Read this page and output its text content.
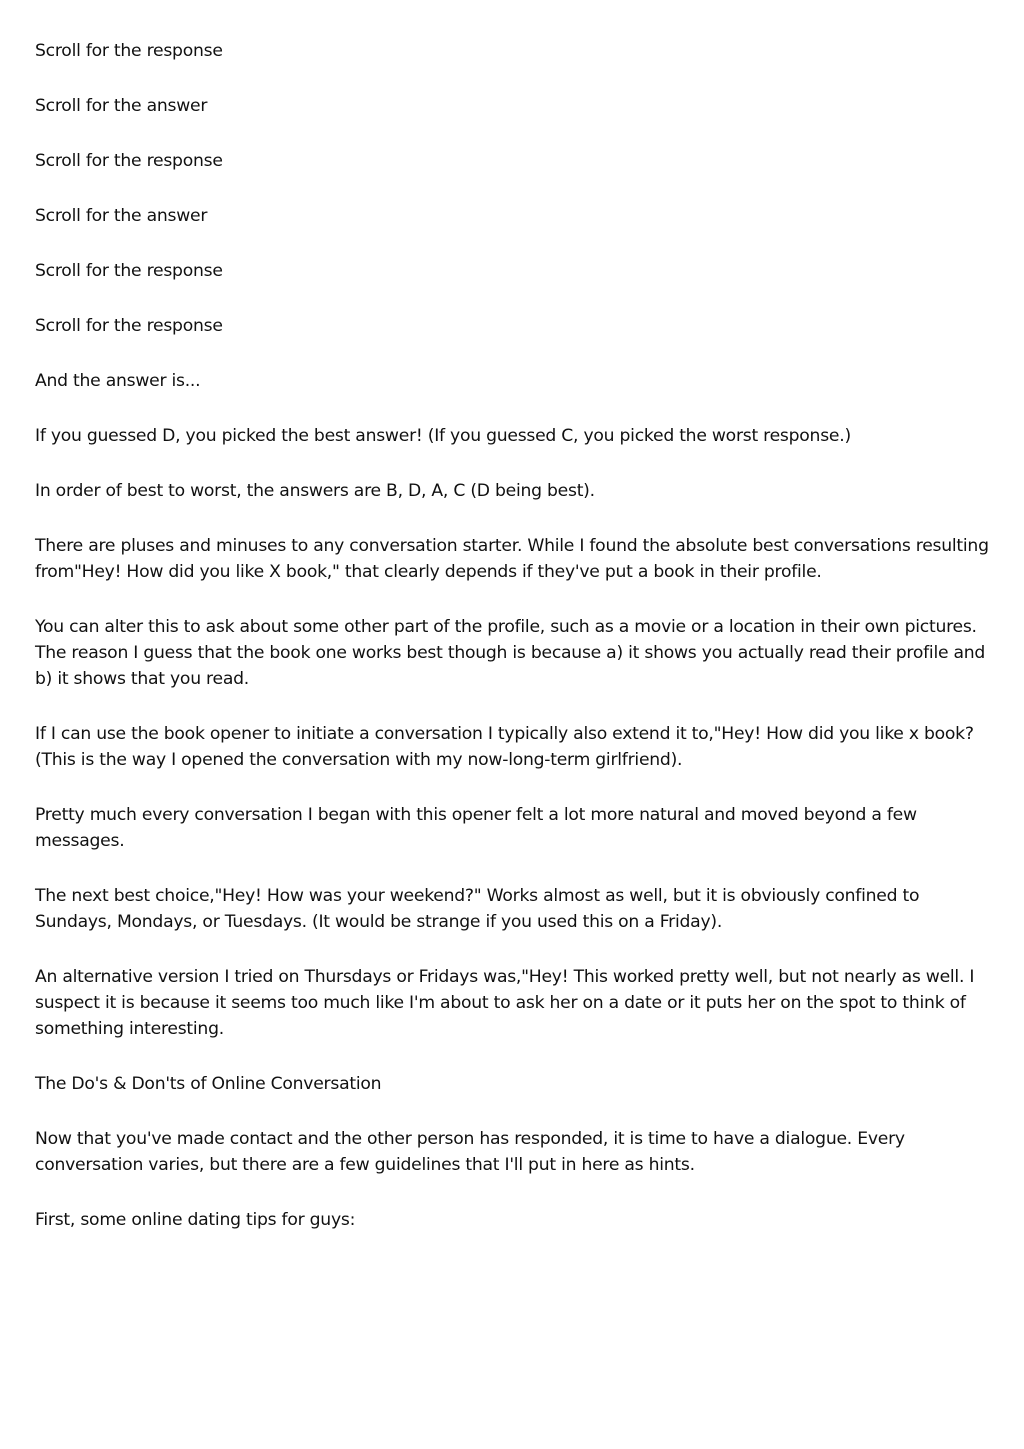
Scroll for the response

Scroll for the answer

Scroll for the response

Scroll for the answer

Scroll for the response

Scroll for the response

And the answer is...

If you guessed D, you picked the best answer! (If you guessed C, you picked the worst response.)

In order of best to worst, the answers are B, D, A, C (D being best).

There are pluses and minuses to any conversation starter. While I found the absolute best conversations resulting from"Hey! How did you like X book," that clearly depends if they've put a book in their profile.

You can alter this to ask about some other part of the profile, such as a movie or a location in their own pictures. The reason I guess that the book one works best though is because a) it shows you actually read their profile and b) it shows that you read.

If I can use the book opener to initiate a conversation I typically also extend it to,"Hey! How did you like x book? (This is the way I opened the conversation with my now-long-term girlfriend).

Pretty much every conversation I began with this opener felt a lot more natural and moved beyond a few messages.

The next best choice,"Hey! How was your weekend?" Works almost as well, but it is obviously confined to Sundays, Mondays, or Tuesdays. (It would be strange if you used this on a Friday).

An alternative version I tried on Thursdays or Fridays was,"Hey! This worked pretty well, but not nearly as well. I suspect it is because it seems too much like I'm about to ask her on a date or it puts her on the spot to think of something interesting.

The Do's & Don'ts of Online Conversation

Now that you've made contact and the other person has responded, it is time to have a dialogue. Every conversation varies, but there are a few guidelines that I'll put in here as hints.

First, some online dating tips for guys:
